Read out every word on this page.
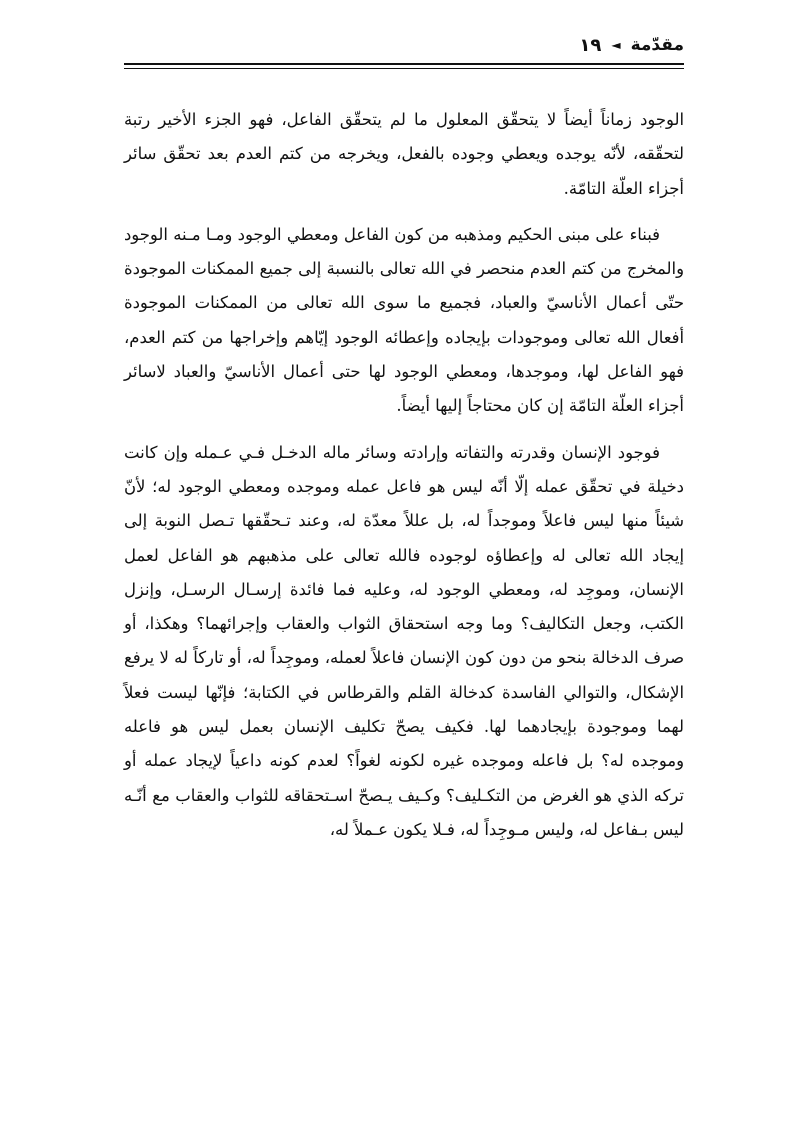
مقدّمة
◄
١٩

الوجود زماناً أيضاً لا يتحقّق المعلول ما لم يتحقّق الفاعل، فهو الجزء الأخير رتبة لتحقّقه، لأنّه يوجده ويعطي وجوده بالفعل، ويخرجه من كتم العدم بعد تحقّق سائر أجزاء العلّة التامّة.

فبناء على مبنى الحكيم ومذهبه من كون الفاعل ومعطي الوجود ومـا مـنه الوجود والمخرج من كتم العدم منحصر في الله تعالى بالنسبة إلى جميع الممكنات الموجودة حتّى أعمال الأناسيّ والعباد، فجميع ما سوى الله تعالى من الممكنات الموجودة أفعال الله تعالى وموجودات بإيجاده وإعطائه الوجود إيّاهم وإخراجها من كتم العدم، فهو الفاعل لها، وموجدها، ومعطي الوجود لها حتى أعمال الأناسيّ والعباد لاسائر أجزاء العلّة التامّة إن كان محتاجاً إليها أيضاً.

فوجود الإنسان وقدرته والتفاته وإرادته وسائر ماله الدخـل فـي عـمله وإن كانت دخيلة في تحقّق عمله إلّا أنّه ليس هو فاعل عمله وموجده ومعطي الوجود له؛ لأنّ شيئاً منها ليس فاعلاً وموجداً له، بل عللاً معدّة له، وعند تـحقّقها تـصل النوبة إلى إيجاد الله تعالى له وإعطاؤه لوجوده فالله تعالى على مذهبهم هو الفاعل لعمل الإنسان، وموجِد له، ومعطي الوجود له، وعليه فما فائدة إرسـال الرسـل، وإنزل الكتب، وجعل التكاليف؟ وما وجه استحقاق الثواب والعقاب وإجرائهما؟ وهكذا، أو صرف الدخالة بنحو من دون كون الإنسان فاعلاً لعمله، وموجِداً له، أو تاركاً له لا يرفع الإشكال، والتوالي الفاسدة كدخالة القلم والقرطاس في الكتابة؛ فإنّها ليست فعلاً لهما وموجودة بإيجادهما لها. فكيف يصحّ تكليف الإنسان بعمل ليس هو فاعله وموجده له؟ بل فاعله وموجده غيره لكونه لغواً؟ لعدم كونه داعياً لإيجاد عمله أو تركه الذي هو الغرض من التكـليف؟ وكـيف يـصحّ اسـتحقاقه للثواب والعقاب مع أنّـه ليس بـفاعل له، وليس مـوجِداً له، فـلا يكون عـملاً له،
